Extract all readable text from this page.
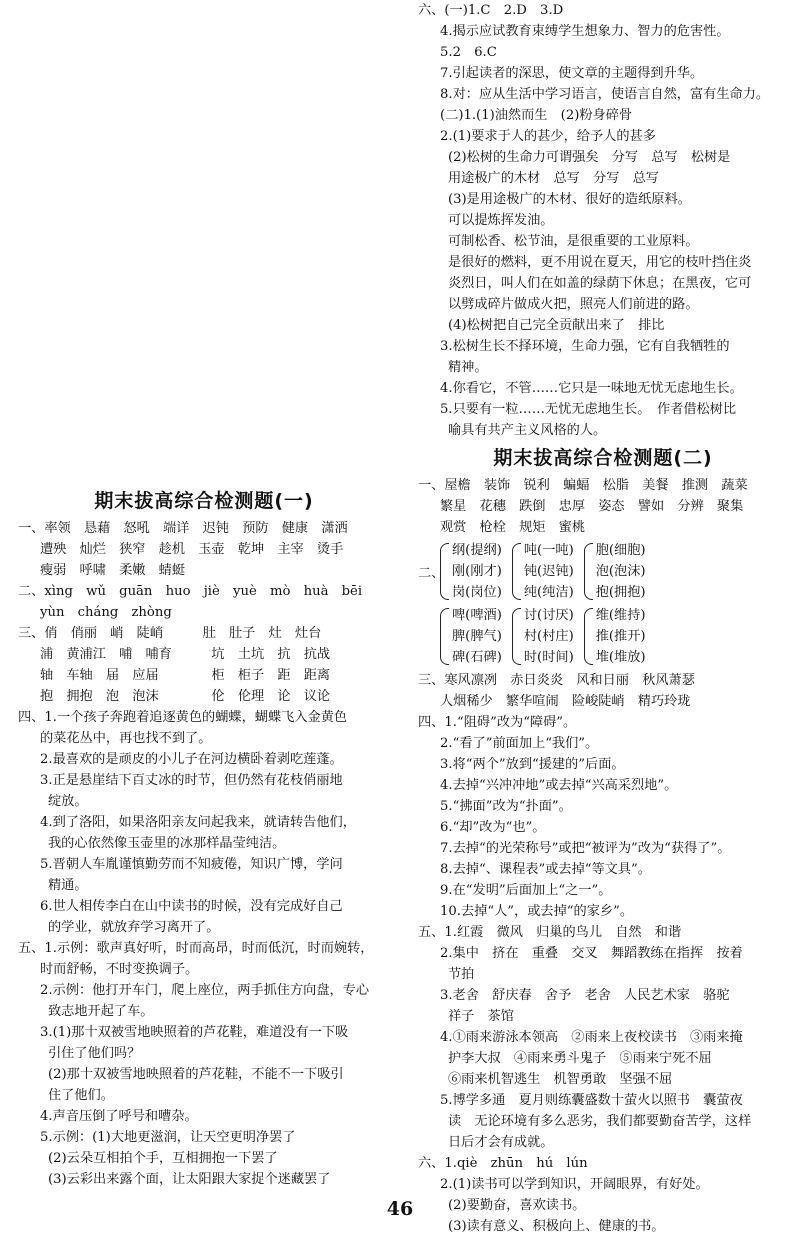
期末拔高综合检测题(一)
一、率领　恳藉　怒吼　端详　迟钝　预防　健康　潇洒
遭殃　灿烂　狭窄　趁机　玉壶　乾坤　主宰　烫手
瘦弱　呼啸　柔嫩　蜻蜓
二、xìng　wǔ　guān　huo　jiè　yuè　mò　huà　bēi
yùn　cháng　zhòng
三、俏　俏丽　峭　陡峭　　　肚　肚子　灶　灶台
浦　黄浦江　哺　哺育　　　坑　土坑　抗　抗战
轴　车轴　届　应届　　　　柜　柜子　距　距离
抱　拥抱　泡　泡沫　　　　伦　伦理　论　议论
四、1.一个孩子奔跑着追逐黄色的蝴蝶，蝴蝶飞入金黄色
的菜花丛中，再也找不到了。
2.最喜欢的是顽皮的小儿子在河边横卧着剥吃莲蓬。
3.正是悬崖结下百丈冰的时节，但仍然有花枝俏丽地
绽放。
4.到了洛阳，如果洛阳亲友问起我来，就请转告他们，
我的心依然像玉壶里的冰那样晶莹纯洁。
5.晋朝人车胤谨慎勤劳而不知疲倦，知识广博，学问
精通。
6.世人相传李白在山中读书的时候，没有完成好自己
的学业，就放弃学习离开了。
五、1.示例：歌声真好听，时而高昂，时而低沉，时而婉转，
时而舒畅，不时变换调子。
2.示例：他打开车门，爬上座位，两手抓住方向盘，专心
致志地开起了车。
3.(1)那十双被雪地映照着的芦花鞋，难道没有一下吸
引住了他们吗？
(2)那十双被雪地映照着的芦花鞋，不能不一下吸引
住了他们。
4.声音压倒了呼号和嘈杂。
5.示例：(1)大地更滋润，让天空更明净罢了
(2)云朵互相拍个手，互相拥抱一下罢了
(3)云彩出来露个面，让太阳跟大家捉个迷藏罢了
六、(一)1.C　2.D　3.D
4.揭示应试教育束缚学生想象力、智力的危害性。
5.2　6.C
7.引起读者的深思，使文章的主题得到升华。
8.对：应从生活中学习语言，使语言自然，富有生命力。
(二)1.(1)油然而生　(2)粉身碎骨
2.(1)要求于人的甚少，给予人的甚多
(2)松树的生命力可谓强矣　分写　总写　松树是
用途极广的木材　总写　分写　总写
(3)是用途极广的木材、很好的造纸原料。
可以提炼挥发油。
可制松香、松节油，是很重要的工业原料。
是很好的燃料，更不用说在夏天，用它的枝叶挡住炎
炎烈日，叫人们在如盖的绿荫下休息；在黑夜，它可
以劈成碎片做成火把，照亮人们前进的路。
(4)松树把自己完全贡献出来了　排比
3.松树生长不择环境，生命力强，它有自我牺牲的
精神。
4.你看它，不管……它只是一味地无忧无虑地生长。
5.只要有一粒……无忧无虑地生长。　作者借松树比
喻具有共产主义风格的人。
期末拔高综合检测题(二)
一、屋檐　装饰　锐利　蝙蝠　松脂　美餐　推测　蔬菜
繁星　花穗　跌倒　忠厚　姿态　譬如　分辨　聚集
观赏　枪栓　规矩　蜜桃
二、
纲(提纲)
刚(刚才)
岗(岗位)
吨(一吨)
钝(迟钝)
纯(纯洁)
胞(细胞)
泡(泡沫)
抱(拥抱)
啤(啤酒)
脾(脾气)
碑(石碑)
讨(讨厌)
村(村庄)
时(时间)
维(维持)
推(推开)
堆(堆放)
三、寒风凛冽　赤日炎炎　风和日丽　秋风萧瑟
人烟稀少　繁华喧闹　险峻陡峭　精巧玲珑
四、1.“阻碍”改为“障碍”。
2.“看了”前面加上“我们”。
3.将“两个”放到“援建的”后面。
4.去掉“兴冲冲地”或去掉“兴高采烈地”。
5.“拂面”改为“扑面”。
6.“却”改为“也”。
7.去掉“的光荣称号”或把“被评为”改为“获得了”。
8.去掉“、课程表”或去掉“等文具”。
9.在“发明”后面加上“之一”。
10.去掉“人”，或去掉“的家乡”。
五、1.红霞　微风　归巢的鸟儿　自然　和谐
2.集中　挤在　重叠　交叉　舞蹈教练在指挥　按着
节拍
3.老舍　舒庆春　舍予　老舍　人民艺术家　骆驼
祥子　茶馆
4.①雨来游泳本领高　②雨来上夜校读书　③雨来掩
护李大叔　④雨来勇斗鬼子　⑤雨来宁死不屈
⑥雨来机智逃生　机智勇敢　坚强不屈
5.博学多通　夏月则练囊盛数十萤火以照书　囊萤夜
读　无论环境有多么恶劣，我们都要勤奋苦学，这样
日后才会有成就。
六、1.qiè　zhūn　hú　lún
2.(1)读书可以学到知识，开阔眼界，有好处。
(2)要勤奋，喜欢读书。
(3)读有意义、积极向上、健康的书。
46
